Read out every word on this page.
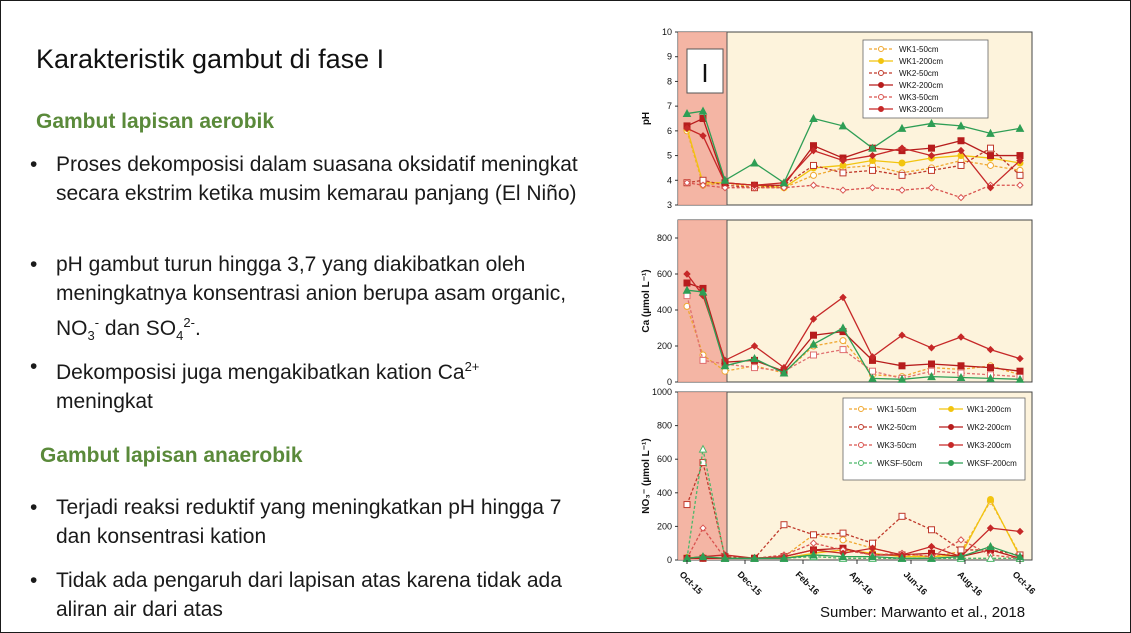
Karakteristik gambut di fase I
Gambut lapisan aerobik
• Proses dekomposisi dalam suasana oksidatif meningkat secara ekstrim ketika musim kemarau panjang (El Niño)
• pH gambut turun hingga 3,7 yang diakibatkan oleh meningkatnya konsentrasi anion berupa asam organic, $NO_3^-$ dan $SO_4^{2-}$.
• Dekomposisi juga mengakibatkan kation $Ca^{2+}$
meningkat
Gambut lapisan anaerobik
• Terjadi reaksi reduktif yang meningkatkan pH hingga 7 dan konsentrasi kation
• Tidak ada pengaruh dari lapisan atas karena tidak ada aliran air dari atas
3
4
5
6
7
8
9
10
pH
WK1-50cm
WK1-200cm
WK2-50cm
WK2-200cm
WK3-50cm
WK3-200cm
0
200
400
600
800
Ca (µmol L⁻¹)
0
200
400
600
800
1000
NO₃⁻ (µmol L⁻¹)
WK1-50cm	WK1-200cm
WK2-50cm	WK2-200cm
WK3-50cm	WK3-200cm
WKSF-50cm	WKSF-200cm
I
Oct-15	Dec-15	Feb-16	Apr-16	Jun-16	Aug-16	Oct-16
Sumber: Marwanto et al., 2018
